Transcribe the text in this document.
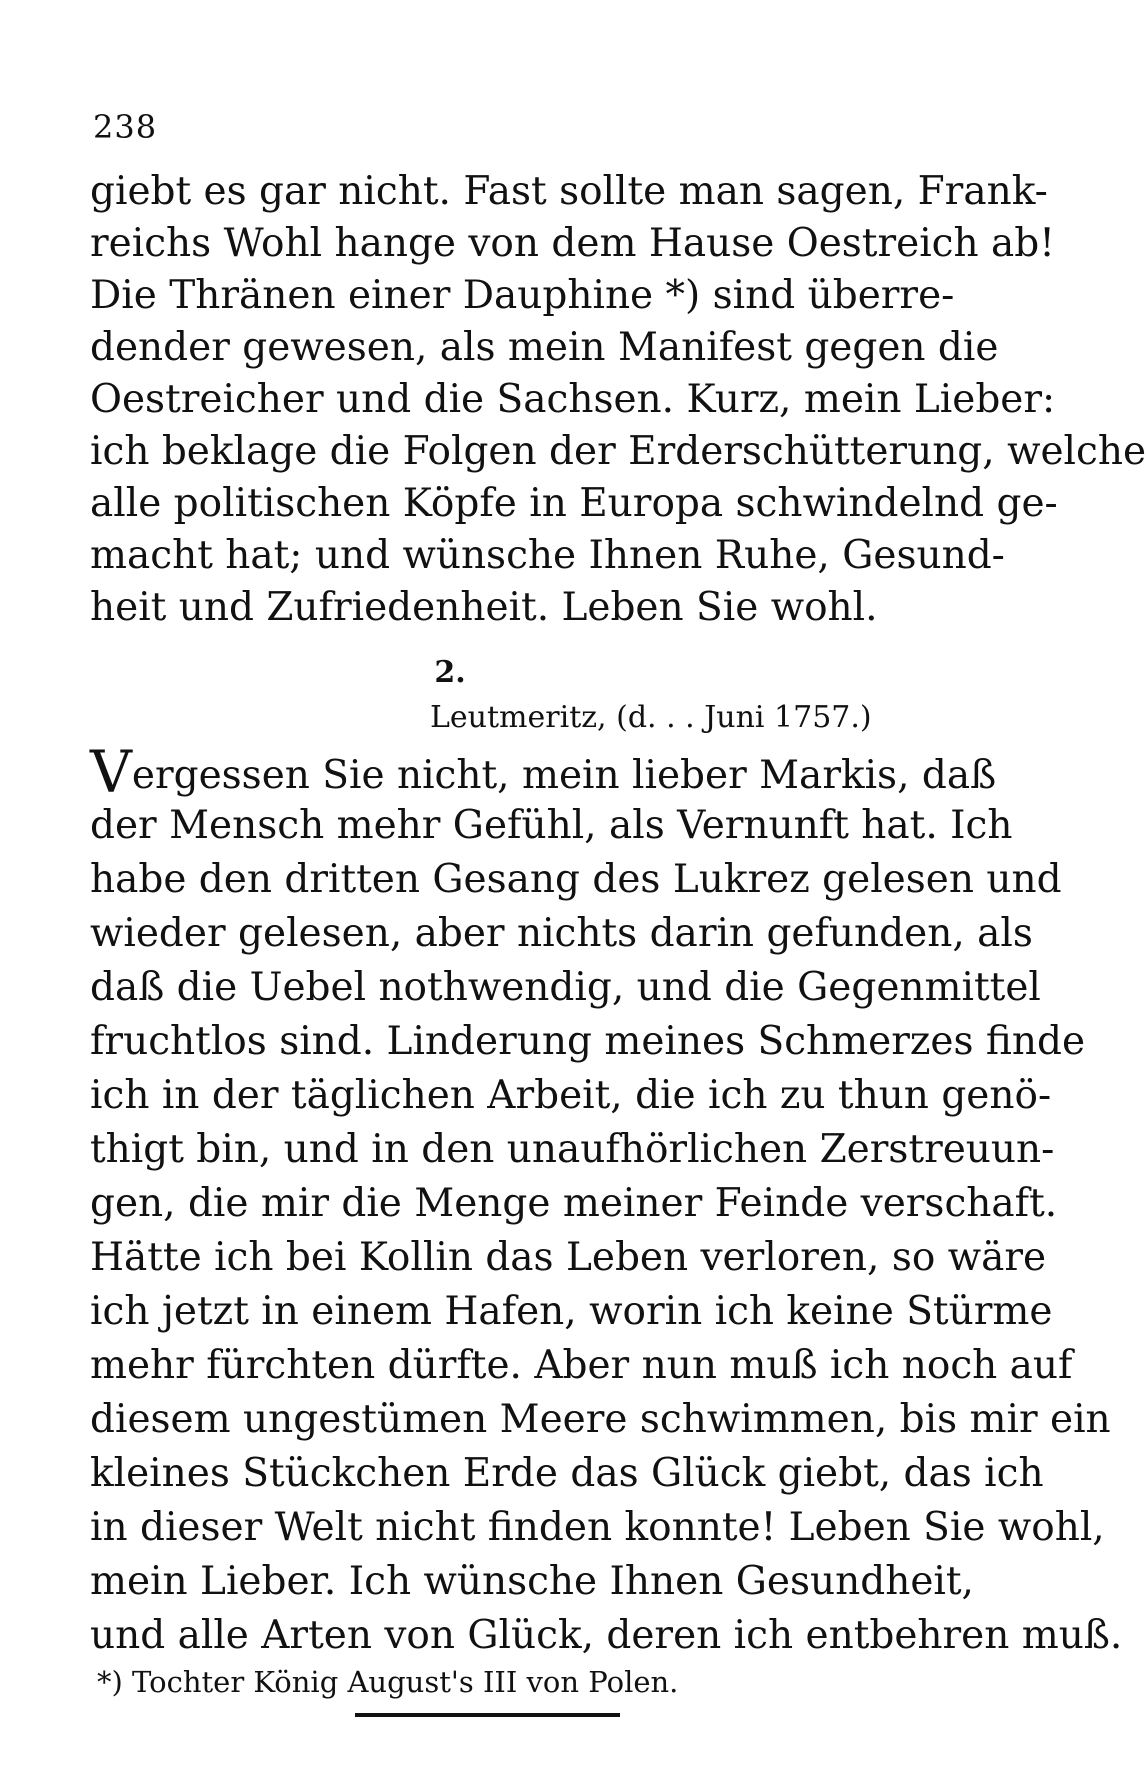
238
giebt es gar nicht. Fast sollte man sagen, Frank-
reichs Wohl hange von dem Hause Oestreich ab!
Die Thränen einer Dauphine *) sind überre-
dender gewesen, als mein Manifest gegen die
Oestreicher und die Sachsen. Kurz, mein Lieber:
ich beklage die Folgen der Erderschütterung, welche
alle politischen Köpfe in Europa schwindelnd ge-
macht hat; und wünsche Ihnen Ruhe, Gesund-
heit und Zufriedenheit. Leben Sie wohl.
2.
Leutmeritz, (d. . . Juni 1757.)
Vergessen Sie nicht, mein lieber Markis, daß
der Mensch mehr Gefühl, als Vernunft hat. Ich
habe den dritten Gesang des Lukrez gelesen und
wieder gelesen, aber nichts darin gefunden, als
daß die Uebel nothwendig, und die Gegenmittel
fruchtlos sind. Linderung meines Schmerzes finde
ich in der täglichen Arbeit, die ich zu thun genö-
thigt bin, und in den unaufhörlichen Zerstreuun-
gen, die mir die Menge meiner Feinde verschaft.
Hätte ich bei Kollin das Leben verloren, so wäre
ich jetzt in einem Hafen, worin ich keine Stürme
mehr fürchten dürfte. Aber nun muß ich noch auf
diesem ungestümen Meere schwimmen, bis mir ein
kleines Stückchen Erde das Glück giebt, das ich
in dieser Welt nicht finden konnte! Leben Sie wohl,
mein Lieber. Ich wünsche Ihnen Gesundheit,
und alle Arten von Glück, deren ich entbehren muß.
*) Tochter König August's III von Polen.
